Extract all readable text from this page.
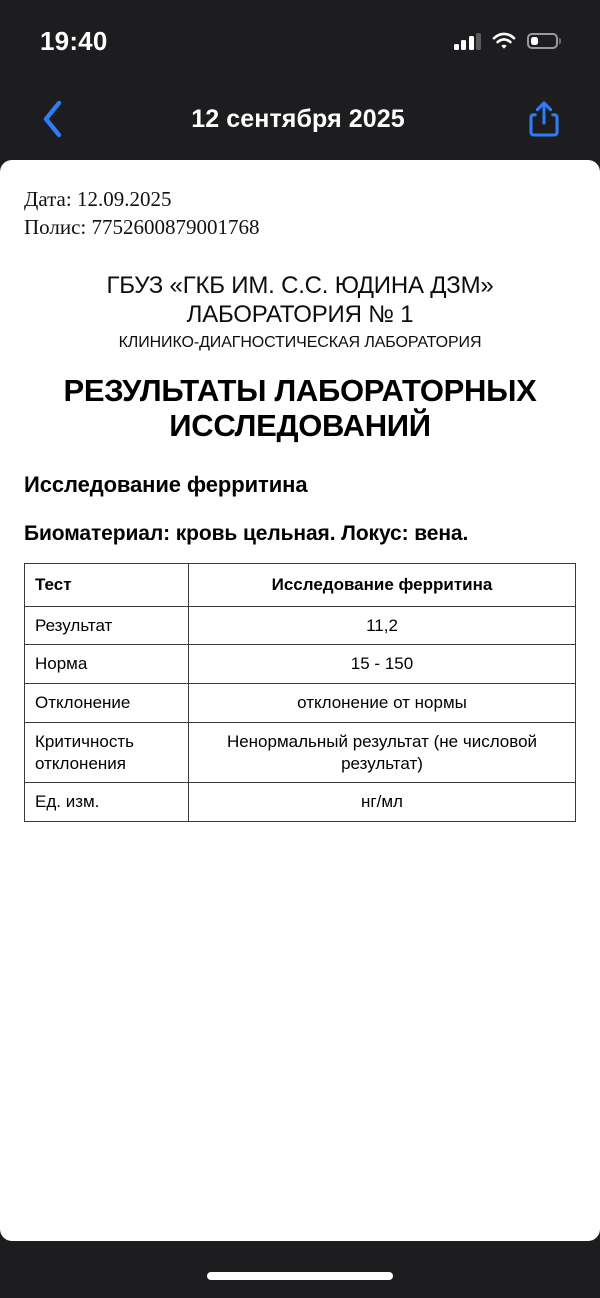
19:40
12 сентября 2025
Дата: 12.09.2025
Полис: 7752600879001768
ГБУЗ «ГКБ ИМ. С.С. ЮДИНА ДЗМ»
ЛАБОРАТОРИЯ № 1
КЛИНИКО-ДИАГНОСТИЧЕСКАЯ ЛАБОРАТОРИЯ
РЕЗУЛЬТАТЫ ЛАБОРАТОРНЫХ ИССЛЕДОВАНИЙ
Исследование ферритина
Биоматериал: кровь цельная. Локус: вена.
Тест	Исследование ферритина
Результат	11,2
Норма	15 - 150
Отклонение	отклонение от нормы
Критичность отклонения	Ненормальный результат (не числовой результат)
Ед. изм.	нг/мл
